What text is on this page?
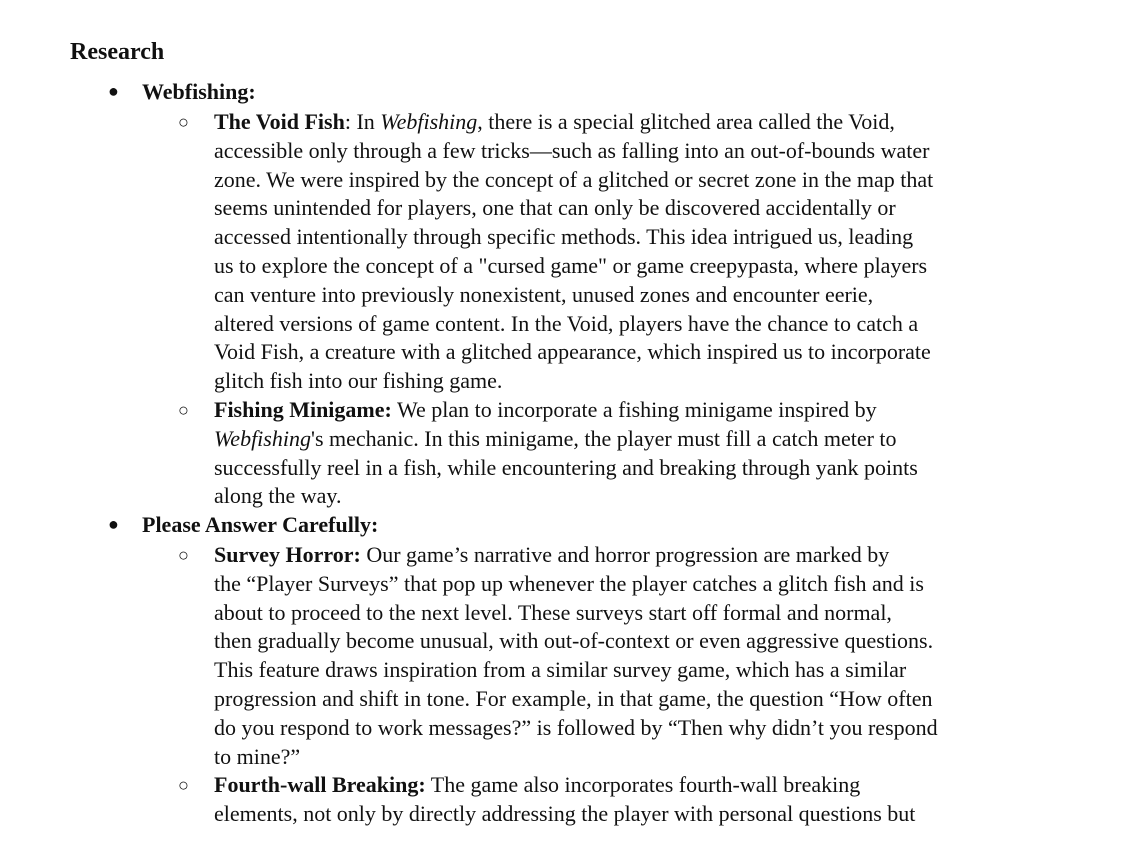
Research
●	Webfishing:
○	The Void Fish: In Webfishing, there is a special glitched area called the Void,
accessible only through a few tricks—such as falling into an out-of-bounds water
zone. We were inspired by the concept of a glitched or secret zone in the map that
seems unintended for players, one that can only be discovered accidentally or
accessed intentionally through specific methods. This idea intrigued us, leading
us to explore the concept of a "cursed game" or game creepypasta, where players
can venture into previously nonexistent, unused zones and encounter eerie,
altered versions of game content. In the Void, players have the chance to catch a
Void Fish, a creature with a glitched appearance, which inspired us to incorporate
glitch fish into our fishing game.
○	Fishing Minigame: We plan to incorporate a fishing minigame inspired by
Webfishing's mechanic. In this minigame, the player must fill a catch meter to
successfully reel in a fish, while encountering and breaking through yank points
along the way.
●	Please Answer Carefully:
○	Survey Horror: Our game’s narrative and horror progression are marked by
the “Player Surveys” that pop up whenever the player catches a glitch fish and is
about to proceed to the next level. These surveys start off formal and normal,
then gradually become unusual, with out-of-context or even aggressive questions.
This feature draws inspiration from a similar survey game, which has a similar
progression and shift in tone. For example, in that game, the question “How often
do you respond to work messages?” is followed by “Then why didn’t you respond
to mine?”
○	Fourth-wall Breaking: The game also incorporates fourth-wall breaking
elements, not only by directly addressing the player with personal questions but
